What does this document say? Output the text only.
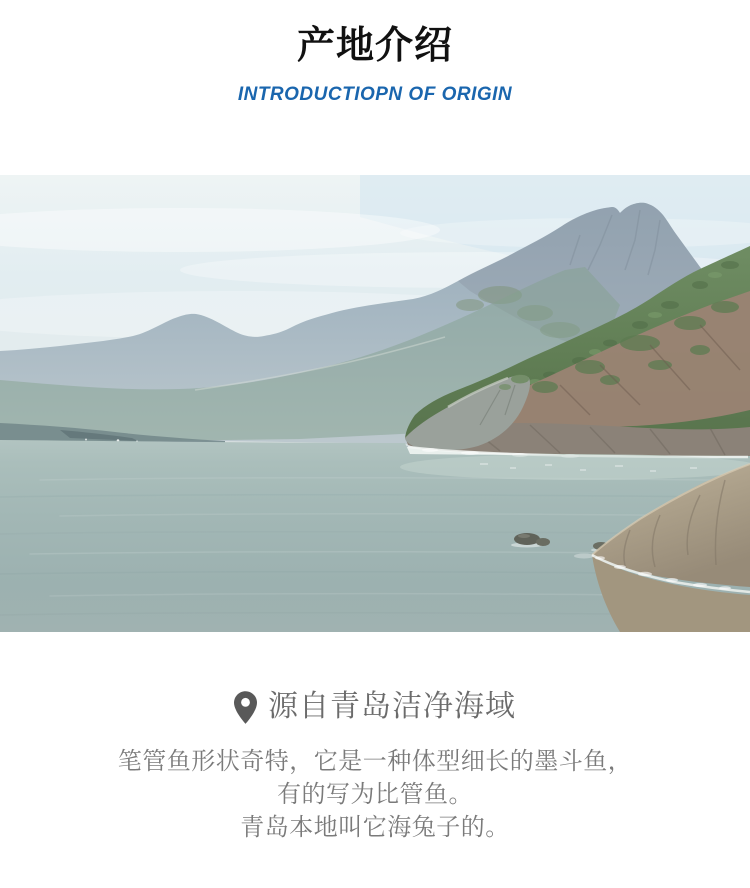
产地介绍
INTRODUCTIOPN OF ORIGIN
源自青岛洁净海域
笔管鱼形状奇特，它是一种体型细长的墨斗鱼，
有的写为比管鱼。
青岛本地叫它海兔子的。
